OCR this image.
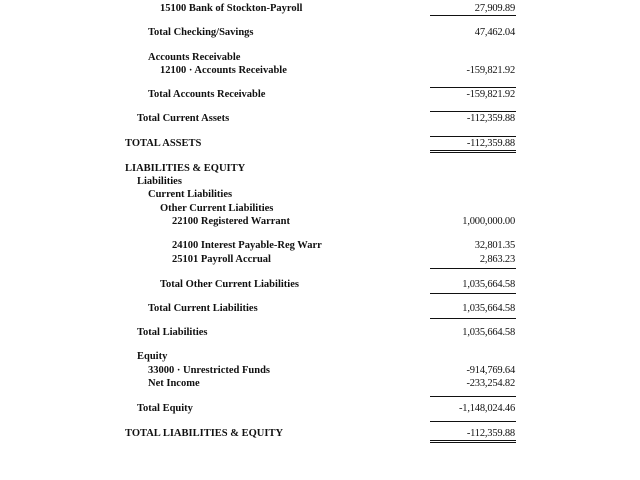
15100 Bank of Stockton-Payroll	27,909.89
Total Checking/Savings	47,462.04
Accounts Receivable
12100 · Accounts Receivable	-159,821.92
Total Accounts Receivable	-159,821.92
Total Current Assets	-112,359.88
TOTAL ASSETS	-112,359.88
LIABILITIES & EQUITY
Liabilities
Current Liabilities
Other Current Liabilities
22100 Registered Warrant	1,000,000.00
24100 Interest Payable-Reg Warr	32,801.35
25101 Payroll Accrual	2,863.23
Total Other Current Liabilities	1,035,664.58
Total Current Liabilities	1,035,664.58
Total Liabilities	1,035,664.58
Equity
33000 · Unrestricted Funds	-914,769.64
Net Income	-233,254.82
Total Equity	-1,148,024.46
TOTAL LIABILITIES & EQUITY	-112,359.88
